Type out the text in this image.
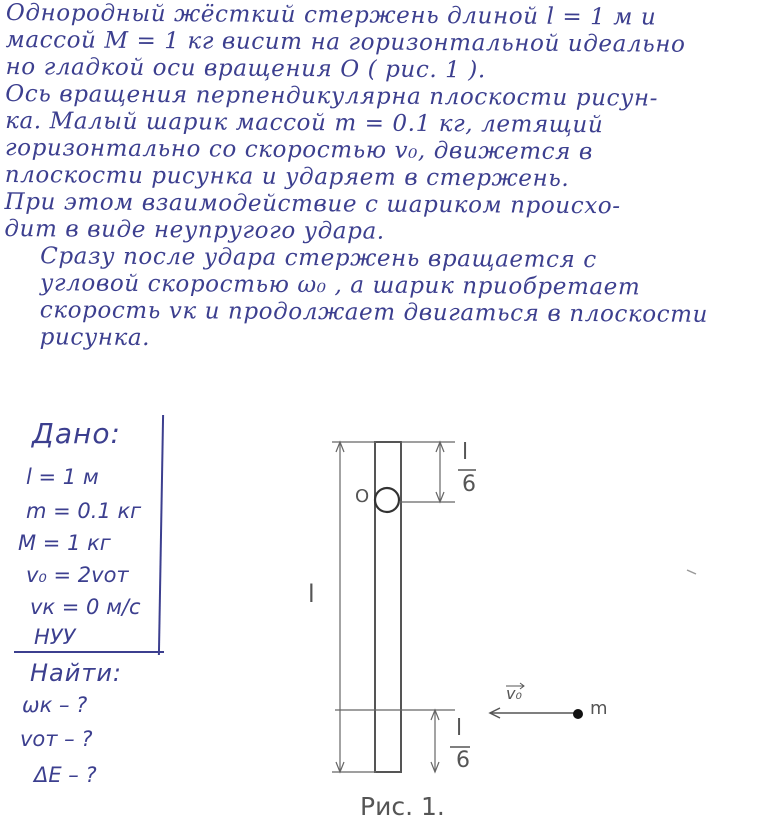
Однородный жёсткий стержень длиной l = 1 м и
массой M = 1 кг висит на горизонтальной идеально
но гладкой оси вращения O ( рис. 1 ).
Ось вращения перпендикулярна плоскости рисун-
ка. Малый шарик массой m = 0.1 кг, летящий
горизонтально со скоростью v₀, движется в
плоскости рисунка и ударяет в стержень.
При этом взаимодействие с шариком происхо-
дит в виде неупругого удара.
Сразу после удара стержень вращается с
угловой скоростью ω₀ , а шарик приобретает
скорость vк и продолжает двигаться в плоскости
рисунка.
Дано:
l = 1 м
m = 0.1 кг
M = 1 кг
v₀ = 2vот
vк = 0 м/с
НУУ
Найти:
ωк – ?
vот – ?
ΔE – ?
O
l
l
6
l
6
v₀
m
Рис. 1.
